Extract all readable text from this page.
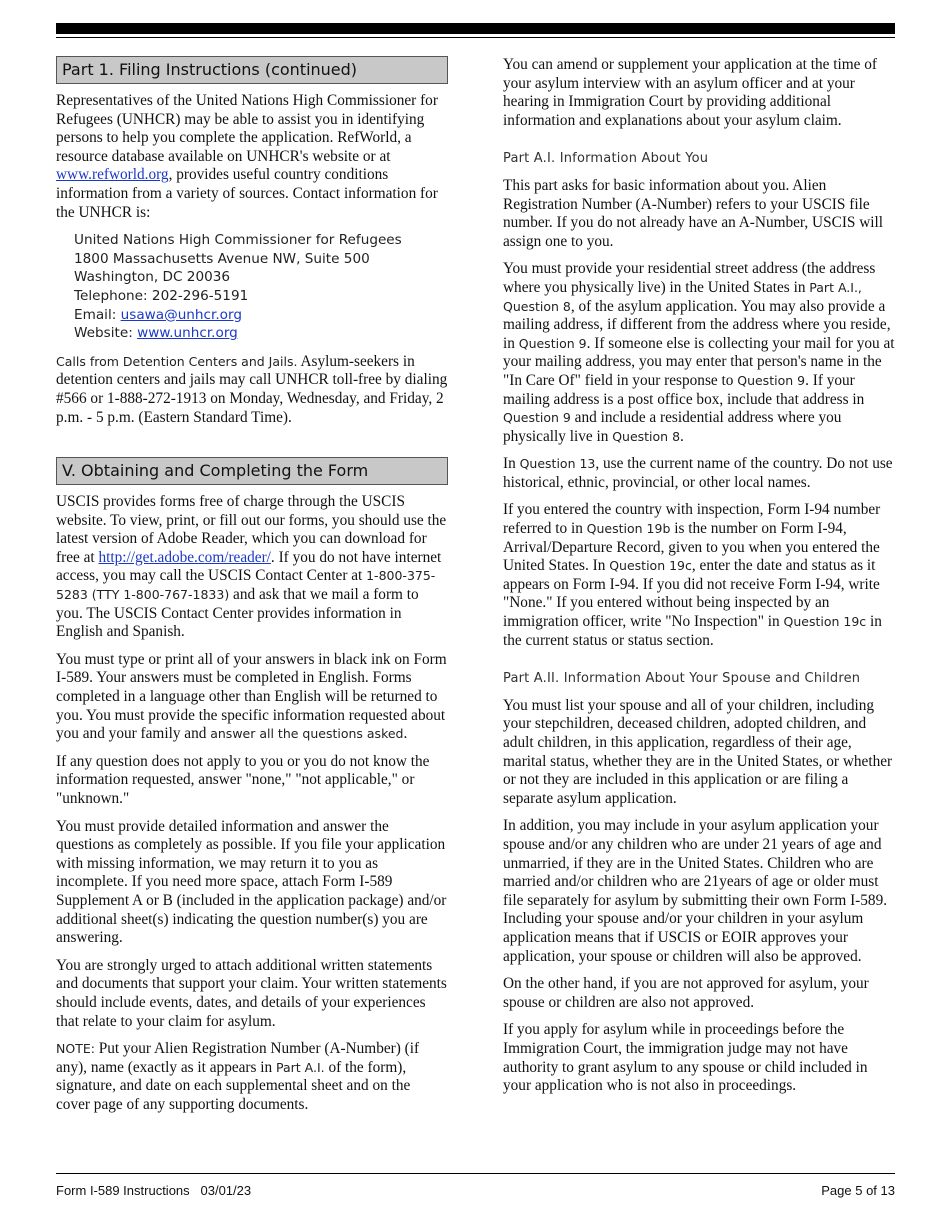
Part 1. Filing Instructions (continued)

Representatives of the United Nations High Commissioner for Refugees (UNHCR) may be able to assist you in identifying persons to help you complete the application. RefWorld, a resource database available on UNHCR's website or at www.refworld.org, provides useful country conditions information from a variety of sources. Contact information for the UNHCR is:

United Nations High Commissioner for Refugees
1800 Massachusetts Avenue NW, Suite 500
Washington, DC 20036
Telephone: 202-296-5191
Email: usawa@unhcr.org
Website: www.unhcr.org

Calls from Detention Centers and Jails. Asylum-seekers in detention centers and jails may call UNHCR toll-free by dialing #566 or 1-888-272-1913 on Monday, Wednesday, and Friday, 2 p.m. - 5 p.m. (Eastern Standard Time).

V. Obtaining and Completing the Form

USCIS provides forms free of charge through the USCIS website. To view, print, or fill out our forms, you should use the latest version of Adobe Reader, which you can download for free at http://get.adobe.com/reader/. If you do not have internet access, you may call the USCIS Contact Center at 1-800-375-5283 (TTY 1-800-767-1833) and ask that we mail a form to you. The USCIS Contact Center provides information in English and Spanish.

You must type or print all of your answers in black ink on Form I-589. Your answers must be completed in English. Forms completed in a language other than English will be returned to you. You must provide the specific information requested about you and your family and answer all the questions asked.

If any question does not apply to you or you do not know the information requested, answer "none," "not applicable," or "unknown."

You must provide detailed information and answer the questions as completely as possible. If you file your application with missing information, we may return it to you as incomplete. If you need more space, attach Form I-589 Supplement A or B (included in the application package) and/or additional sheet(s) indicating the question number(s) you are answering.

You are strongly urged to attach additional written statements and documents that support your claim. Your written statements should include events, dates, and details of your experiences that relate to your claim for asylum.

NOTE: Put your Alien Registration Number (A-Number) (if any), name (exactly as it appears in Part A.I. of the form), signature, and date on each supplemental sheet and on the cover page of any supporting documents.

You can amend or supplement your application at the time of your asylum interview with an asylum officer and at your hearing in Immigration Court by providing additional information and explanations about your asylum claim.

Part A.I. Information About You

This part asks for basic information about you. Alien Registration Number (A-Number) refers to your USCIS file number. If you do not already have an A-Number, USCIS will assign one to you.

You must provide your residential street address (the address where you physically live) in the United States in Part A.I., Question 8, of the asylum application. You may also provide a mailing address, if different from the address where you reside, in Question 9. If someone else is collecting your mail for you at your mailing address, you may enter that person's name in the "In Care Of" field in your response to Question 9. If your mailing address is a post office box, include that address in Question 9 and include a residential address where you physically live in Question 8.

In Question 13, use the current name of the country. Do not use historical, ethnic, provincial, or other local names.

If you entered the country with inspection, Form I-94 number referred to in Question 19b is the number on Form I-94, Arrival/Departure Record, given to you when you entered the United States. In Question 19c, enter the date and status as it appears on Form I-94. If you did not receive Form I-94, write "None." If you entered without being inspected by an immigration officer, write "No Inspection" in Question 19c in the current status or status section.

Part A.II. Information About Your Spouse and Children

You must list your spouse and all of your children, including your stepchildren, deceased children, adopted children, and adult children, in this application, regardless of their age, marital status, whether they are in the United States, or whether or not they are included in this application or are filing a separate asylum application.

In addition, you may include in your asylum application your spouse and/or any children who are under 21 years of age and unmarried, if they are in the United States. Children who are married and/or children who are 21years of age or older must file separately for asylum by submitting their own Form I-589. Including your spouse and/or your children in your asylum application means that if USCIS or EOIR approves your application, your spouse or children will also be approved.

On the other hand, if you are not approved for asylum, your spouse or children are also not approved.

If you apply for asylum while in proceedings before the Immigration Court, the immigration judge may not have authority to grant asylum to any spouse or child included in your application who is not also in proceedings.

Form I-589 Instructions   03/01/23	Page 5 of 13
